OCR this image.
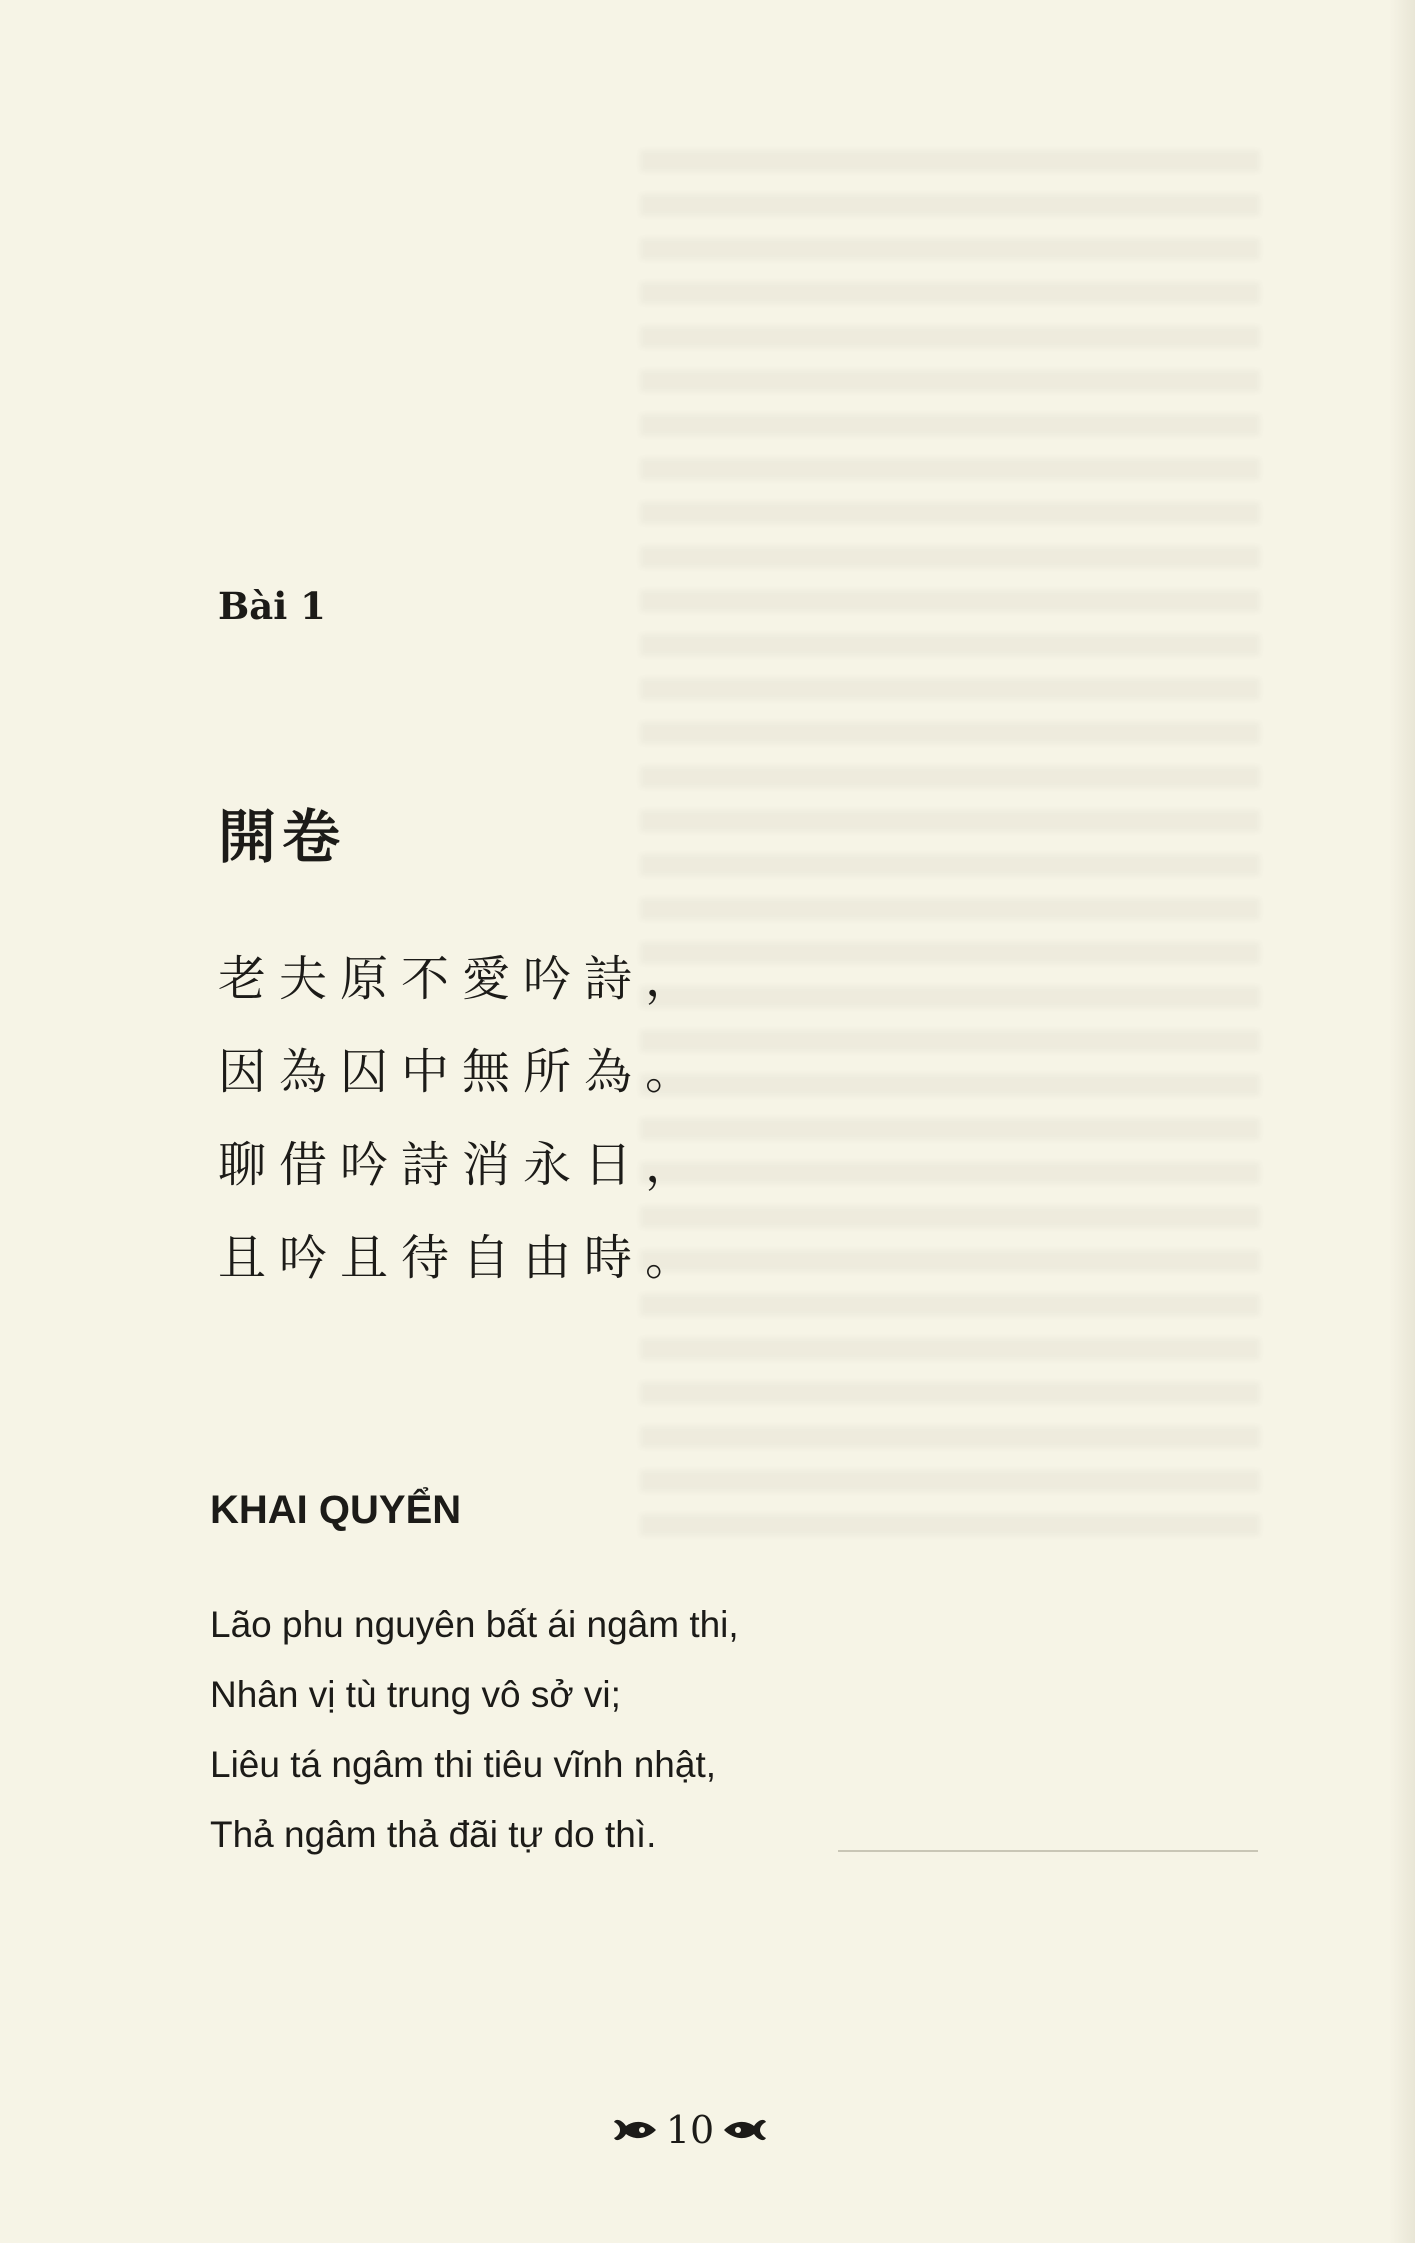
Bài 1
開卷
老夫原不愛吟詩，
因為囚中無所為。
聊借吟詩消永日，
且吟且待自由時。
KHAI QUYỂN
Lão phu nguyên bất ái ngâm thi,
Nhân vị tù trung vô sở vi;
Liêu tá ngâm thi tiêu vĩnh nhật,
Thả ngâm thả đãi tự do thì.
10
